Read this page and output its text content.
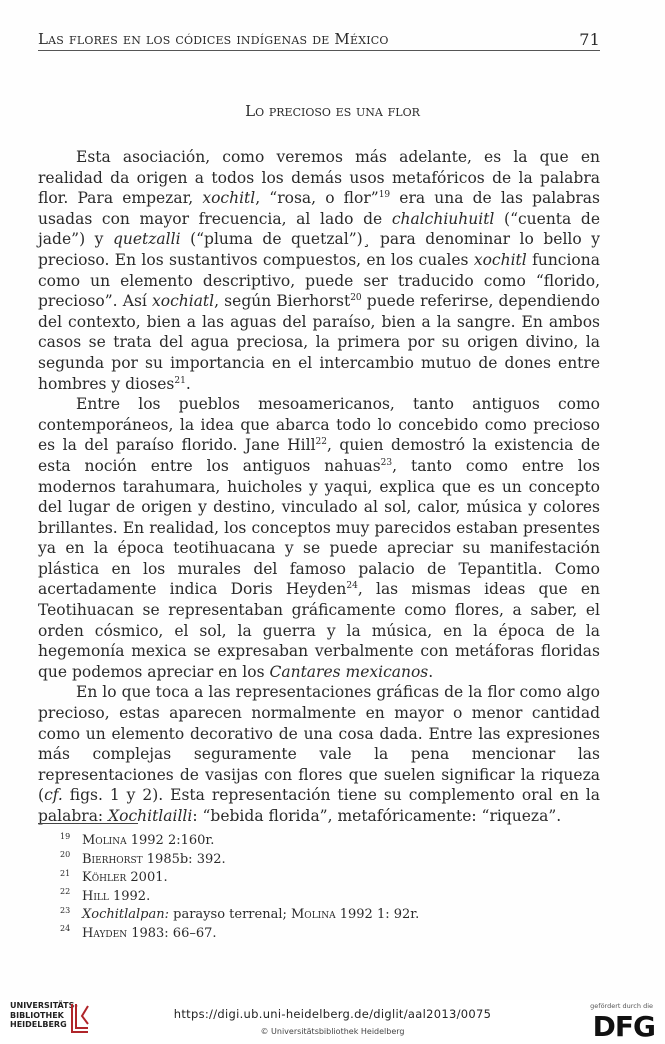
Las flores en los códices indígenas de México	71
Lo precioso es una flor

Esta asociación, como veremos más adelante, es la que en realidad da origen a todos los demás usos metafóricos de la palabra flor. Para empezar, xochitl, “rosa, o flor”$^{19}$ era una de las palabras usadas con mayor frecuencia, al lado de chalchiuhuitl (“cuenta de jade”) y quetzalli (“pluma de quetzal”)¸ para denominar lo bello y precioso. En los sustantivos compuestos, en los cuales xochitl funciona como un elemento descriptivo, puede ser traducido como “florido, precioso”. Así xochiatl, según Bierhorst$^{20}$ puede referirse, dependiendo del contexto, bien a las aguas del paraíso, bien a la sangre. En ambos casos se trata del agua preciosa, la primera por su origen divino, la segunda por su importancia en el intercambio mutuo de dones entre hombres y dioses$^{21}$.

Entre los pueblos mesoamericanos, tanto antiguos como contemporáneos, la idea que abarca todo lo concebido como precioso es la del paraíso florido. Jane Hill$^{22}$, quien demostró la existencia de esta noción entre los antiguos nahuas$^{23}$, tanto como entre los modernos tarahumara, huicholes y yaqui, explica que es un concepto del lugar de origen y destino, vinculado al sol, calor, música y colores brillantes. En realidad, los conceptos muy parecidos estaban presentes ya en la época teotihuacana y se puede apreciar su manifestación plástica en los murales del famoso palacio de Tepantitla. Como acertadamente indica Doris Heyden$^{24}$, las mismas ideas que en Teotihuacan se representaban gráficamente como flores, a saber, el orden cósmico, el sol, la guerra y la música, en la época de la hegemonía mexica se expresaban verbalmente con metáforas floridas que podemos apreciar en los Cantares mexicanos.

En lo que toca a las representaciones gráficas de la flor como algo precioso, estas aparecen normalmente en mayor o menor cantidad como un elemento decorativo de una cosa dada. Entre las expresiones más complejas seguramente vale la pena mencionar las representaciones de vasijas con flores que suelen significar la riqueza (cf. figs. 1 y 2). Esta representación tiene su complemento oral en la palabra: Xochitlailli: “bebida florida”, metafóricamente: “riqueza”.

19 Molina 1992 2:160r.
20 Bierhorst 1985b: 392.
21 Köhler 2001.
22 Hill 1992.
23 Xochitlalpan: parayso terrenal; Molina 1992 1: 92r.
24 Hayden 1983: 66–67.
UNIVERSITÄTS-
BIBLIOTHEK
HEIDELBERG
https://digi.ub.uni-heidelberg.de/diglit/aal2013/0075
© Universitätsbibliothek Heidelberg
gefördert durch die
DFG
